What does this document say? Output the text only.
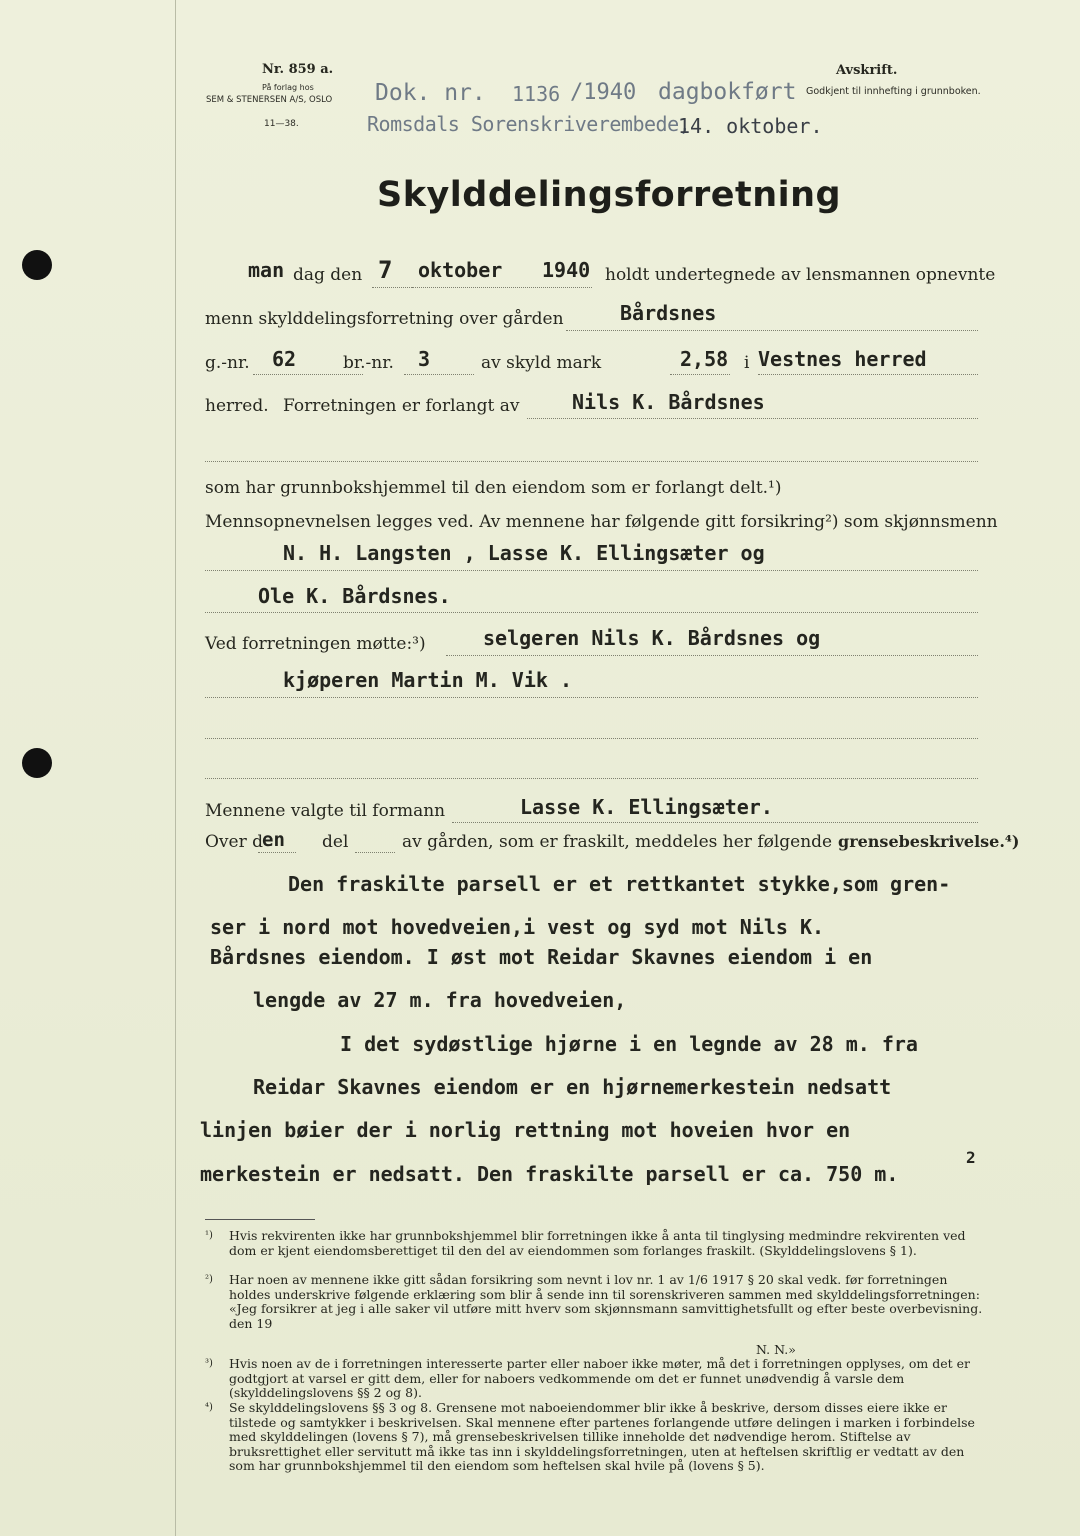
Nr. 859 a.
På forlag hos
SEM & STENERSEN A/S, OSLO
11—38.
Avskrift.
Godkjent til innhefting i grunnboken.
Dok. nr. 1136 /1940 dagbokført
Romsdals Sorenskriverembede,
14. oktober.
Skylddelingsforretning
man dag den 7 oktober 1940 holdt undertegnede av lensmannen opnevnte
menn skylddelingsforretning over gården	Bårdsnes
g.-nr. 62	br.-nr. 3	av skyld mark	2,58 i Vestnes herred
herred. Forretningen er forlangt av	Nils K. Bårdsnes
som har grunnbokshjemmel til den eiendom som er forlangt delt.¹)
Mennsopnevnelsen legges ved. Av mennene har følgende gitt forsikring²) som skjønnsmenn
N. H. Langsten , Lasse K. Ellingsæter og
Ole K. Bårdsnes.
Ved forretningen møtte:³)	selgeren Nils K. Bårdsnes og
kjøperen Martin M. Vik .
Mennene valgte til formann	Lasse K. Ellingsæter.
Over d
en del	av gården, som er fraskilt, meddeles her følgende grensebeskrivelse.⁴)
Den fraskilte parsell er et rettkantet stykke,som gren-
ser i nord mot hovedveien,i vest og syd mot Nils K.
Bårdsnes eiendom. I øst mot Reidar Skavnes eiendom i en
lengde av 27 m. fra hovedveien,
I det sydøstlige hjørne i en legnde av 28 m. fra
Reidar Skavnes eiendom er en hjørnemerkestein nedsatt
linjen bøier der i norlig rettning mot hoveien hvor en
merkestein er nedsatt. Den fraskilte parsell er ca. 750 m.
2
¹) Hvis rekvirenten ikke har grunnbokshjemmel blir forretningen ikke å anta til tinglysing medmindre rekvirenten ved dom er kjent eiendomsberettiget til den del av eiendommen som forlanges fraskilt. (Skylddelingslovens § 1).
²) Har noen av mennene ikke gitt sådan forsikring som nevnt i lov nr. 1 av 1/6 1917 § 20 skal vedk. før forretningen holdes underskrive følgende erklæring som blir å sende inn til sorenskriveren sammen med skylddelingsforretningen: «Jeg forsikrer at jeg i alle saker vil utføre mitt hverv som skjønnsmann samvittighetsfullt og efter beste overbevisning. den 19
N. N.»
³) Hvis noen av de i forretningen interesserte parter eller naboer ikke møter, må det i forretningen opplyses, om det er godtgjort at varsel er gitt dem, eller for naboers vedkommende om det er funnet unødvendig å varsle dem (skylddelingslovens §§ 2 og 8).
⁴) Se skylddelingslovens §§ 3 og 8. Grensene mot naboeiendommer blir ikke å beskrive, dersom disses eiere ikke er tilstede og samtykker i beskrivelsen. Skal mennene efter partenes forlangende utføre delingen i marken i forbindelse med skylddelingen (lovens § 7), må grensebeskrivelsen tillike inneholde det nødvendige herom. Stiftelse av bruksrettighet eller servitutt må ikke tas inn i skylddelingsforretningen, uten at heftelsen skriftlig er vedtatt av den som har grunnbokshjemmel til den eiendom som heftelsen skal hvile på (lovens § 5).
